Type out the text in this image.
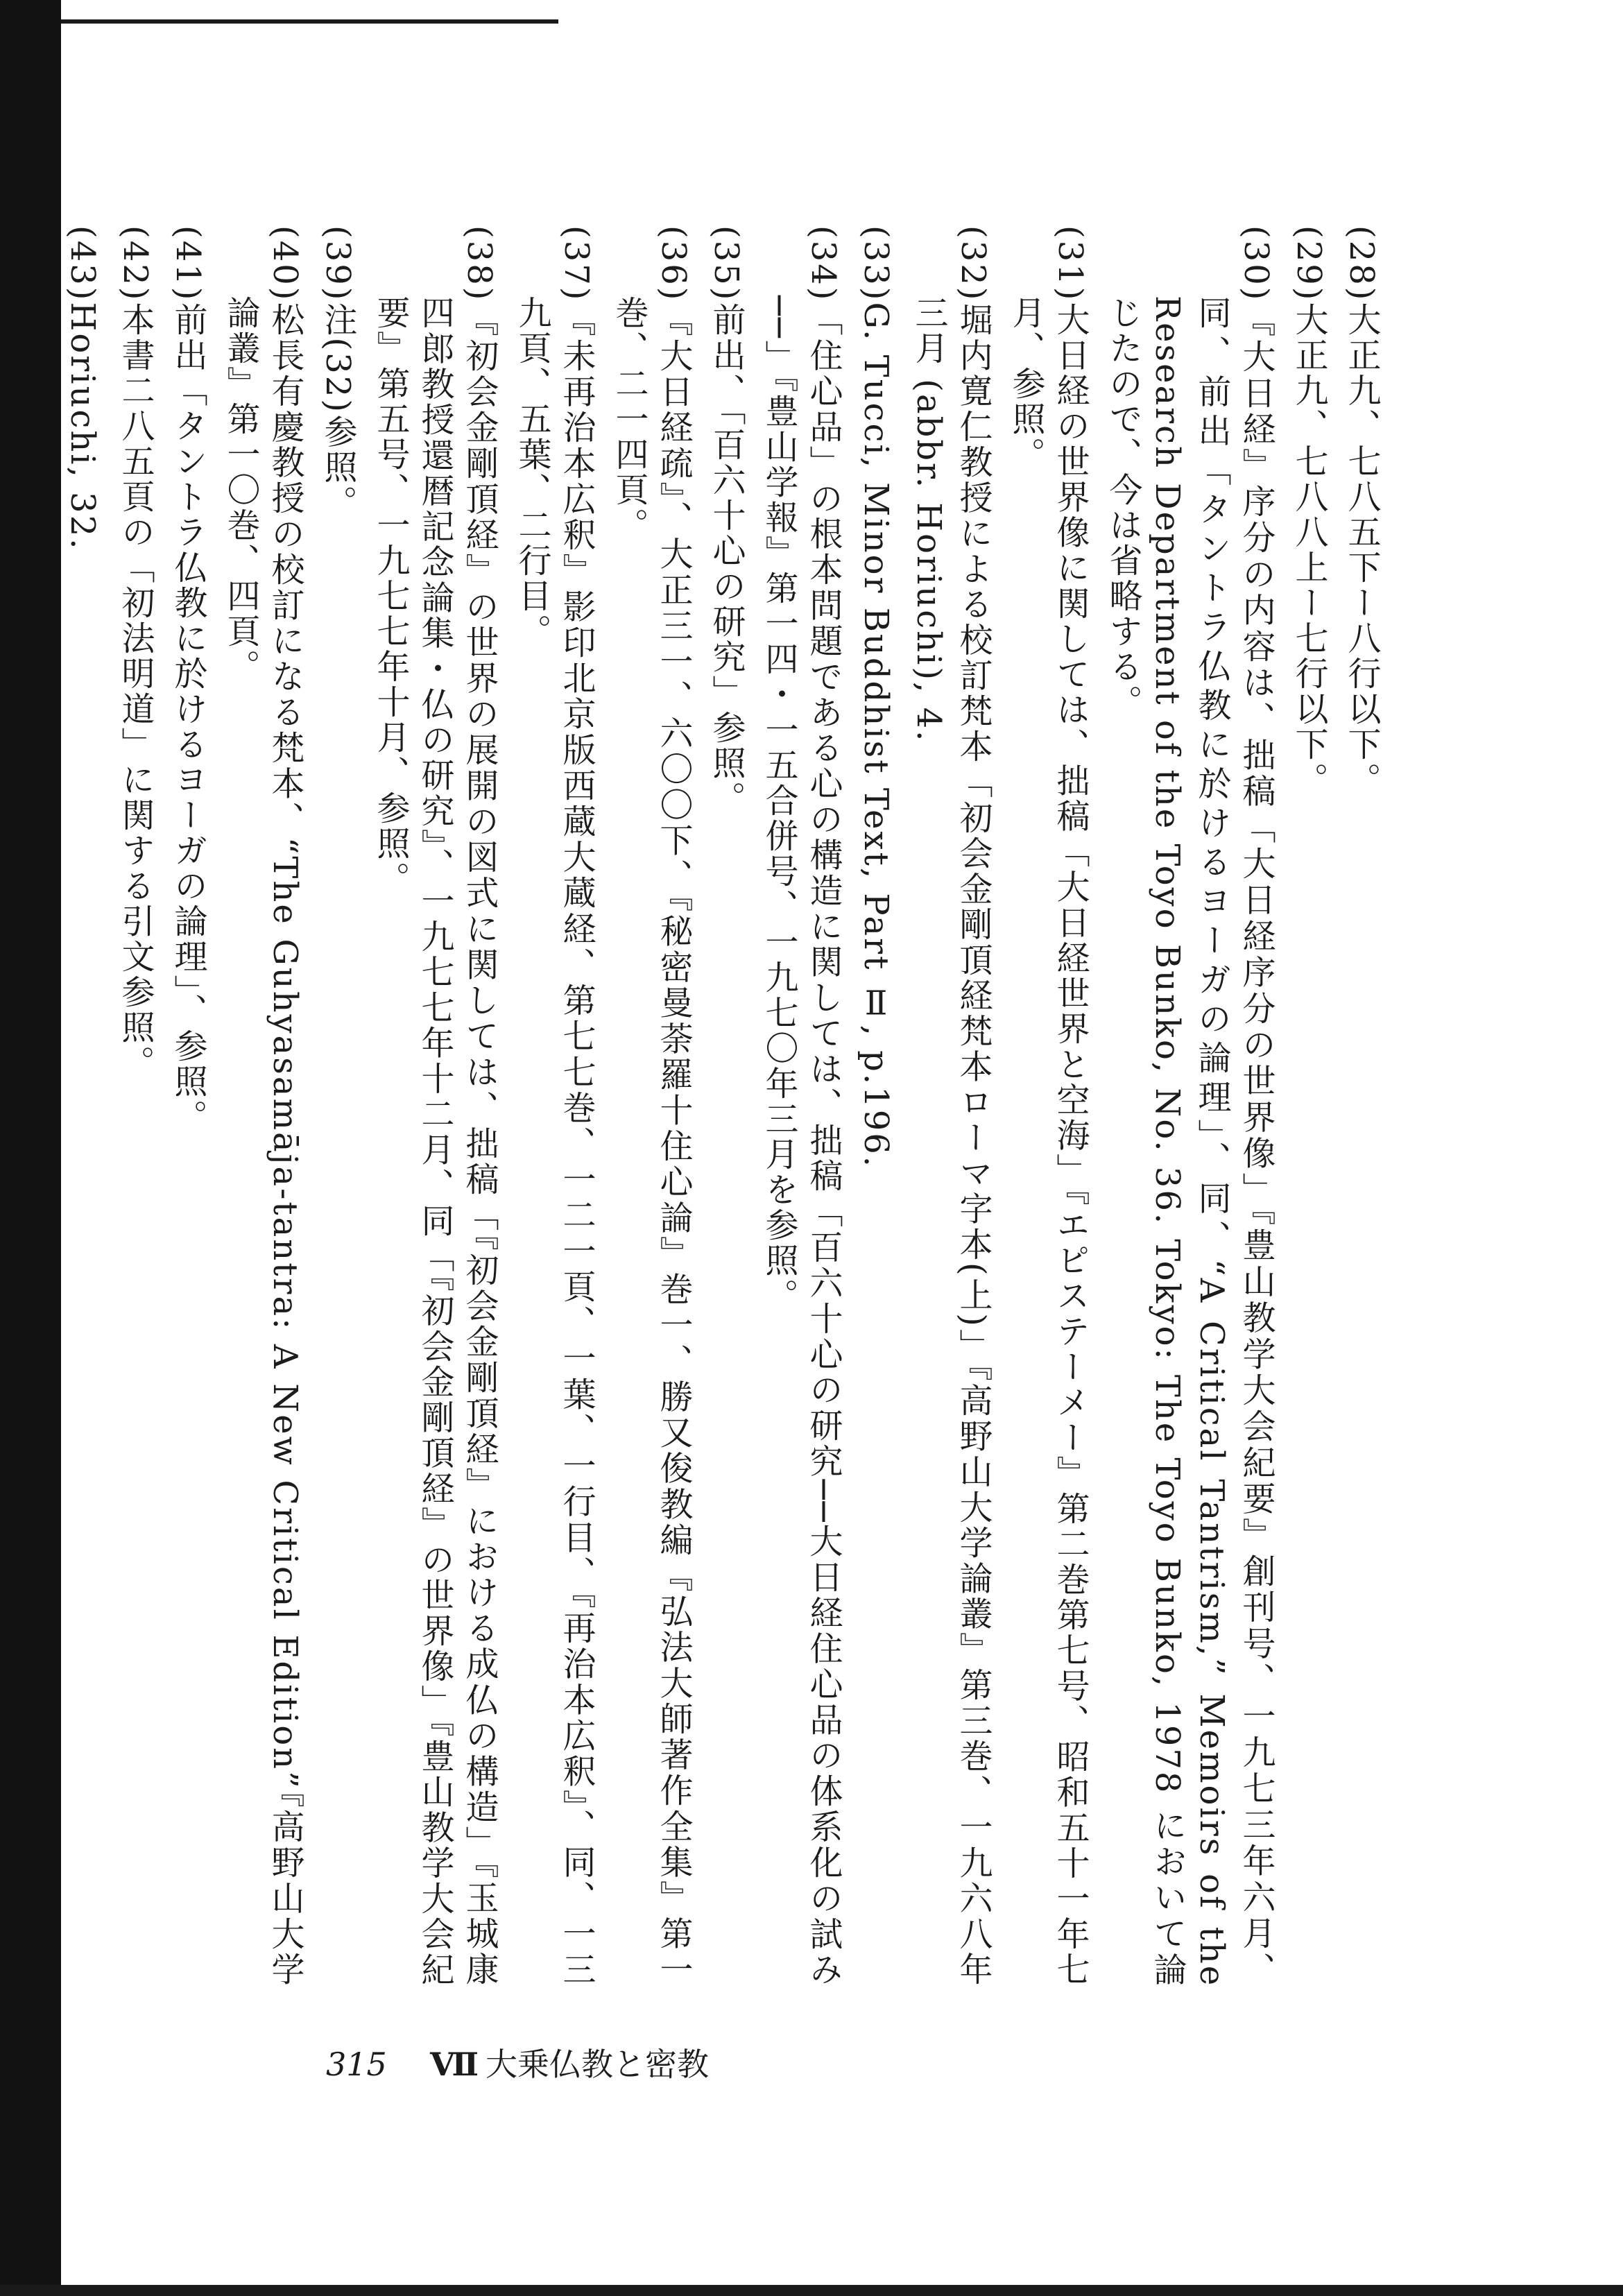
(28)大正九、七八五下ー八行以下。
(29)大正九、七八八上ー七行以下。
(30)『大日経』序分の内容は、拙稿「大日経序分の世界像」『豊山教学大会紀要』創刊号、一九七三年六月、同、前出「タントラ仏教に於けるヨーガの論理」、同、“A Critical Tantrism,” Memoirs of the Research Department of the Toyo Bunko, No. 36. Tokyo: The Toyo Bunko, 1978 において論じたので、今は省略する。
(31)大日経の世界像に関しては、拙稿「大日経世界と空海」『エピステーメー』第二巻第七号、昭和五十一年七月、参照。
(32)堀内寛仁教授による校訂梵本「初会金剛頂経梵本ローマ字本(上)」『高野山大学論叢』第三巻、一九六八年三月 (abbr. Horiuchi), 4.
(33)G. Tucci, Minor Buddhist Text, Part Ⅱ, p.196.
(34)「住心品」の根本問題である心の構造に関しては、拙稿「百六十心の研究──大日経住心品の体系化の試み──」『豊山学報』第一四・一五合併号、一九七〇年三月を参照。
(35)前出、「百六十心の研究」参照。
(36)『大日経疏』、大正三一、六〇〇下、『秘密曼荼羅十住心論』巻一、勝又俊教編『弘法大師著作全集』第一巻、二一四頁。
(37)『未再治本広釈』影印北京版西蔵大蔵経、第七七巻、一二一頁、一葉、一行目、『再治本広釈』、同、一三九頁、五葉、二行目。
(38)『初会金剛頂経』の世界の展開の図式に関しては、拙稿「『初会金剛頂経』における成仏の構造」『玉城康四郎教授還暦記念論集・仏の研究』、一九七七年十二月、同「『初会金剛頂経』の世界像」『豊山教学大会紀要』第五号、一九七七年十月、参照。
(39)注(32)参照。
(40)松長有慶教授の校訂になる梵本、“The Guhyasamāja-tantra: A New Critical Edition”『高野山大学論叢』第一〇巻、四頁。
(41)前出「タントラ仏教に於けるヨーガの論理」、参照。
(42)本書二八五頁の「初法明道」に関する引文参照。
(43)Horiuchi, 32.
315 Ⅶ 大乗仏教と密教
